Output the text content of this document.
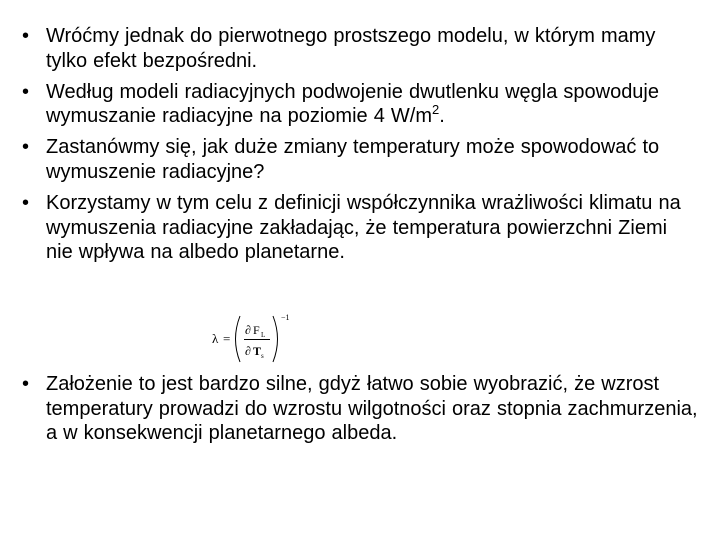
• Wróćmy jednak do pierwotnego prostszego modelu, w którym mamy tylko efekt bezpośredni.
• Według modeli radiacyjnych podwojenie dwutlenku węgla spowoduje wymuszanie radiacyjne na poziomie 4 $W/m^2$.
• Zastanówmy się, jak duże zmiany temperatury może spowodować to wymuszenie radiacyjne?
• Korzystamy w tym celu z definicji współczynnika wrażliwości klimatu na wymuszenia radiacyjne zakładając, że temperatura powierzchni Ziemi nie wpływa na albedo planetarne.
λ =
∂ F L
∂ T s
−1
• Założenie to jest bardzo silne, gdyż łatwo sobie wyobrazić, że wzrost temperatury prowadzi do wzrostu wilgotności oraz stopnia zachmurzenia, a w konsekwencji planetarnego albeda.
